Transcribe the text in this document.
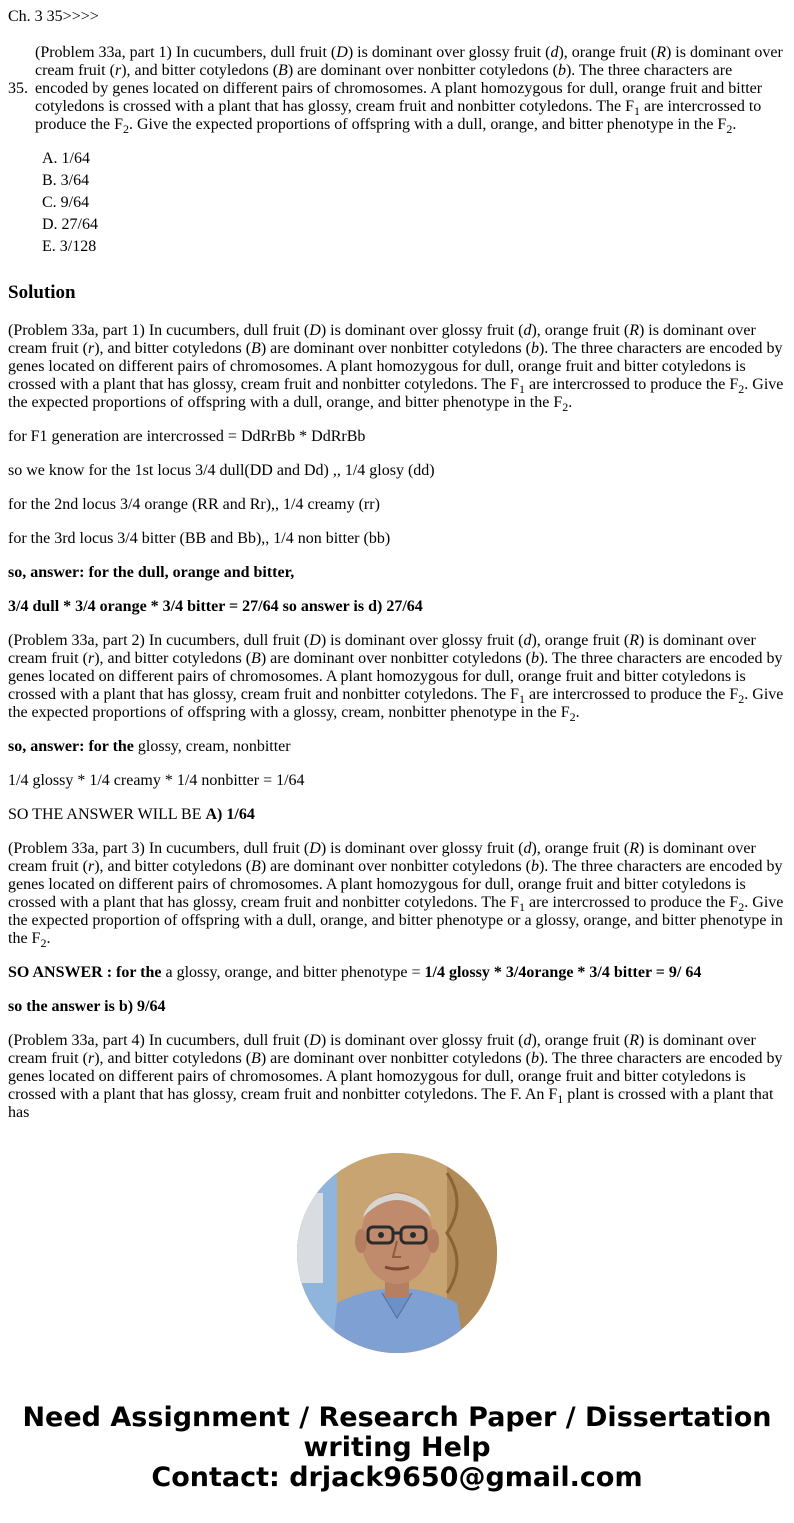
Ch. 3 35>>>>
35.
(Problem 33a, part 1) In cucumbers, dull fruit (D) is dominant over glossy fruit (d), orange fruit (R) is dominant over cream fruit (r), and bitter cotyledons (B) are dominant over nonbitter cotyledons (b). The three characters are encoded by genes located on different pairs of chromosomes. A plant homozygous for dull, orange fruit and bitter cotyledons is crossed with a plant that has glossy, cream fruit and nonbitter cotyledons. The $F_1$ are intercrossed to produce the $F_2$. Give the expected proportions of offspring with a dull, orange, and bitter phenotype in the $F_2$.
A. 1/64
B. 3/64
C. 9/64
D. 27/64
E. 3/128
Solution

(Problem 33a, part 1) In cucumbers, dull fruit (D) is dominant over glossy fruit (d), orange fruit (R) is dominant over cream fruit (r), and bitter cotyledons (B) are dominant over nonbitter cotyledons (b). The three characters are encoded by genes located on different pairs of chromosomes. A plant homozygous for dull, orange fruit and bitter cotyledons is crossed with a plant that has glossy, cream fruit and nonbitter cotyledons. The $F_1$ are intercrossed to produce the $F_2$. Give the expected proportions of offspring with a dull, orange, and bitter phenotype in the $F_2$.

for F1 generation are intercrossed = DdRrBb * DdRrBb

so we know for the 1st locus 3/4 dull(DD and Dd) ,, 1/4 glosy (dd)

for the 2nd locus 3/4 orange (RR and Rr),, 1/4 creamy (rr)

for the 3rd locus 3/4 bitter (BB and Bb),, 1/4 non bitter (bb)

so, answer: for the dull, orange and bitter,

3/4 dull * 3/4 orange * 3/4 bitter = 27/64 so answer is d) 27/64

(Problem 33a, part 2) In cucumbers, dull fruit (D) is dominant over glossy fruit (d), orange fruit (R) is dominant over cream fruit (r), and bitter cotyledons (B) are dominant over nonbitter cotyledons (b). The three characters are encoded by genes located on different pairs of chromosomes. A plant homozygous for dull, orange fruit and bitter cotyledons is crossed with a plant that has glossy, cream fruit and nonbitter cotyledons. The $F_1$ are intercrossed to produce the $F_2$. Give the expected proportions of offspring with a glossy, cream, nonbitter phenotype in the $F_2$.

so, answer: for the glossy, cream, nonbitter

1/4 glossy * 1/4 creamy * 1/4 nonbitter = 1/64

SO THE ANSWER WILL BE A) 1/64

(Problem 33a, part 3) In cucumbers, dull fruit (D) is dominant over glossy fruit (d), orange fruit (R) is dominant over cream fruit (r), and bitter cotyledons (B) are dominant over nonbitter cotyledons (b). The three characters are encoded by genes located on different pairs of chromosomes. A plant homozygous for dull, orange fruit and bitter cotyledons is crossed with a plant that has glossy, cream fruit and nonbitter cotyledons. The $F_1$ are intercrossed to produce the $F_2$. Give the expected proportion of offspring with a dull, orange, and bitter phenotype or a glossy, orange, and bitter phenotype in the $F_2$.

SO ANSWER : for the a glossy, orange, and bitter phenotype = 1/4 glossy * 3/4orange * 3/4 bitter = 9/ 64

so the answer is b) 9/64

(Problem 33a, part 4) In cucumbers, dull fruit (D) is dominant over glossy fruit (d), orange fruit (R) is dominant over cream fruit (r), and bitter cotyledons (B) are dominant over nonbitter cotyledons (b). The three characters are encoded by genes located on different pairs of chromosomes. A plant homozygous for dull, orange fruit and bitter cotyledons is crossed with a plant that has glossy, cream fruit and nonbitter cotyledons. The F. An $F_1$ plant is crossed with a plant that has

Need Assignment / Research Paper / Dissertation
writing Help
Contact: drjack9650@gmail.com
